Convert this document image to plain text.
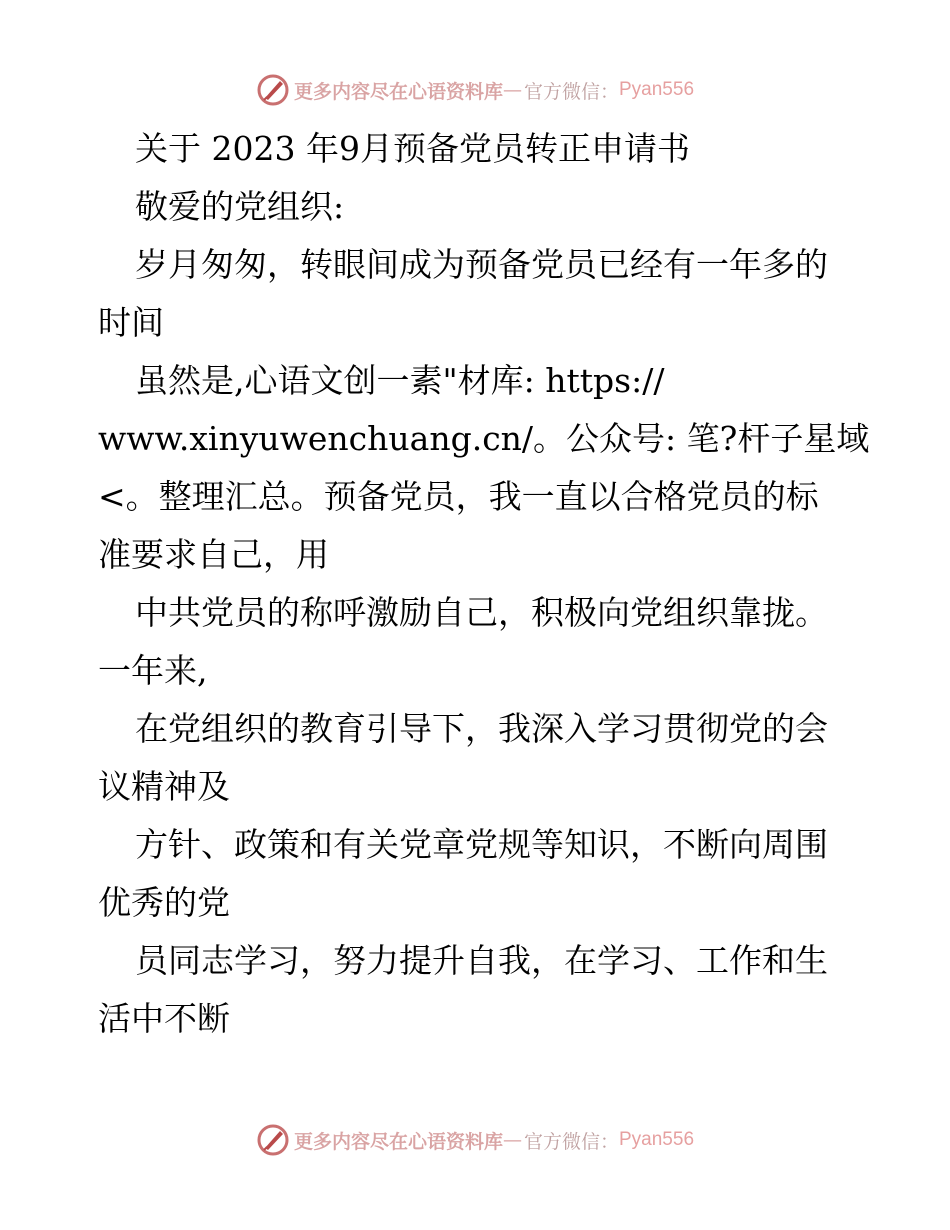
更多内容尽在心语资料库 — 官方微信： Pyan556
关于 2023 年9月预备党员转正申请书
敬爱的党组织:
岁月匆匆，转眼间成为预备党员已经有一年多的
时间
虽然是,心语文创一素"材库: https://
www.xinyuwenchuang.cn/。公众号: 笔?杆子星域
<。整理汇总。预备党员，我一直以合格党员的标
准要求自己，用
中共党员的称呼激励自己，积极向党组织靠拢。
一年来,
在党组织的教育引导下，我深入学习贯彻党的会
议精神及
方针、政策和有关党章党规等知识，不断向周围
优秀的党
员同志学习，努力提升自我，在学习、工作和生
活中不断
更多内容尽在心语资料库 — 官方微信： Pyan556
